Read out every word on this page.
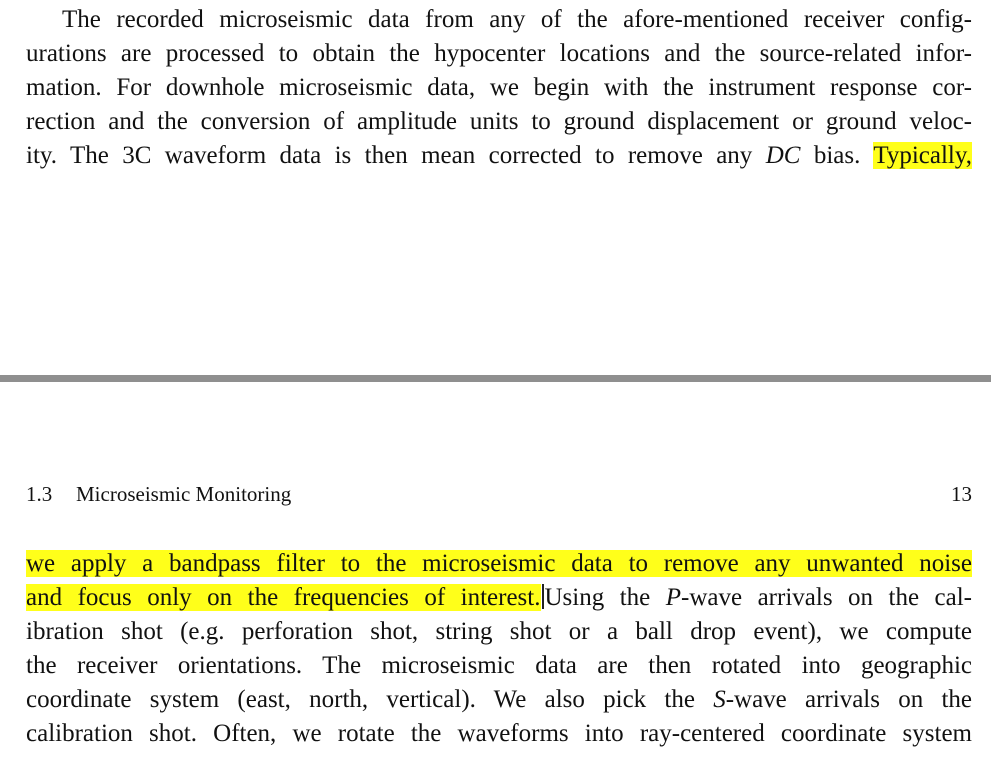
The recorded microseismic data from any of the afore-mentioned receiver config-
urations are processed to obtain the hypocenter locations and the source-related infor-
mation. For downhole microseismic data, we begin with the instrument response cor-
rection and the conversion of amplitude units to ground displacement or ground veloc-
ity. The 3C waveform data is then mean corrected to remove any DC bias. Typically,
1.3 Microseismic Monitoring	13
we apply a bandpass filter to the microseismic data to remove any unwanted noise
and focus only on the frequencies of interest. Using the P-wave arrivals on the cal-
ibration shot (e.g. perforation shot, string shot or a ball drop event), we compute
the receiver orientations. The microseismic data are then rotated into geographic
coordinate system (east, north, vertical). We also pick the S-wave arrivals on the
calibration shot. Often, we rotate the waveforms into ray-centered coordinate system
